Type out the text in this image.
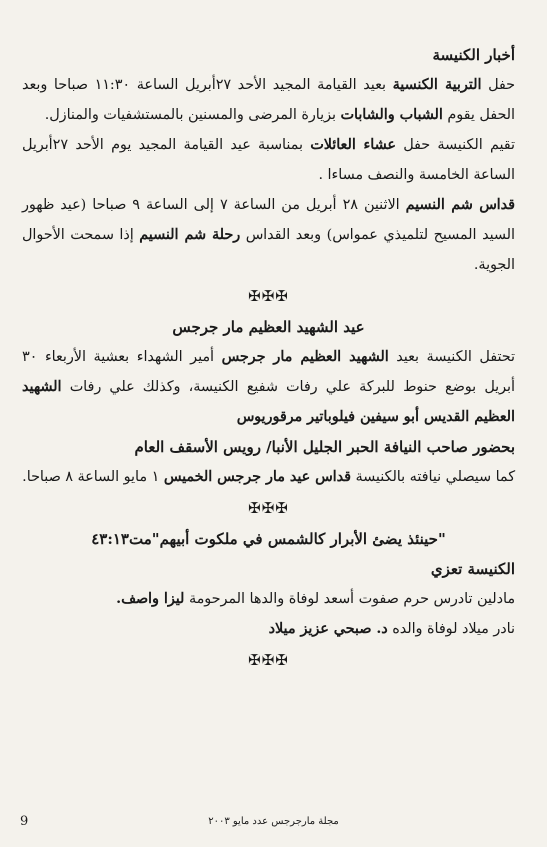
أخبار الكنيسة

حفل التربية الكنسية بعيد القيامة المجيد الأحد ٢٧أبريل الساعة ١١:٣٠ صباحا وبعد الحفل يقوم الشباب والشابات بزيارة المرضى والمسنين بالمستشفيات والمنازل.

تقيم الكنيسة حفل عشاء العائلات بمناسبة عيد القيامة المجيد يوم الأحد ٢٧أبريل الساعة الخامسة والنصف مساءا .

قداس شم النسيم الاثنين ٢٨ أبريل من الساعة ٧ إلى الساعة ٩ صباحا (عيد ظهور السيد المسيح لتلميذي عمواس) وبعد القداس رحلة شم النسيم إذا سمحت الأحوال الجوية.

✠✠✠

عيد الشهيد العظيم مار جرجس

تحتفل الكنيسة بعيد الشهيد العظيم مار جرجس أمير الشهداء بعشية الأربعاء ٣٠ أبريل بوضع حنوط للبركة علي رفات شفيع الكنيسة، وكذلك علي رفات الشهيد العظيم القديس أبو سيفين فيلوباتير مرقوريوس

بحضور صاحب النيافة الحبر الجليل الأنبا/ رويس الأسقف العام

كما سيصلي نيافته بالكنيسة قداس عيد مار جرجس الخميس ١ مايو الساعة ٨ صباحا.

✠✠✠

"حينئذ يضئ الأبرار كالشمس في ملكوت أبيهم"مت٤٣:١٣

الكنيسة تعزي

مادلين تادرس حرم صفوت أسعد لوفاة والدها المرحومة ليزا واصف.

نادر ميلاد لوفاة والده د. صبحي عزيز ميلاد

✠✠✠

9	مجلة مارجرجس عدد مايو ٢٠٠٣
